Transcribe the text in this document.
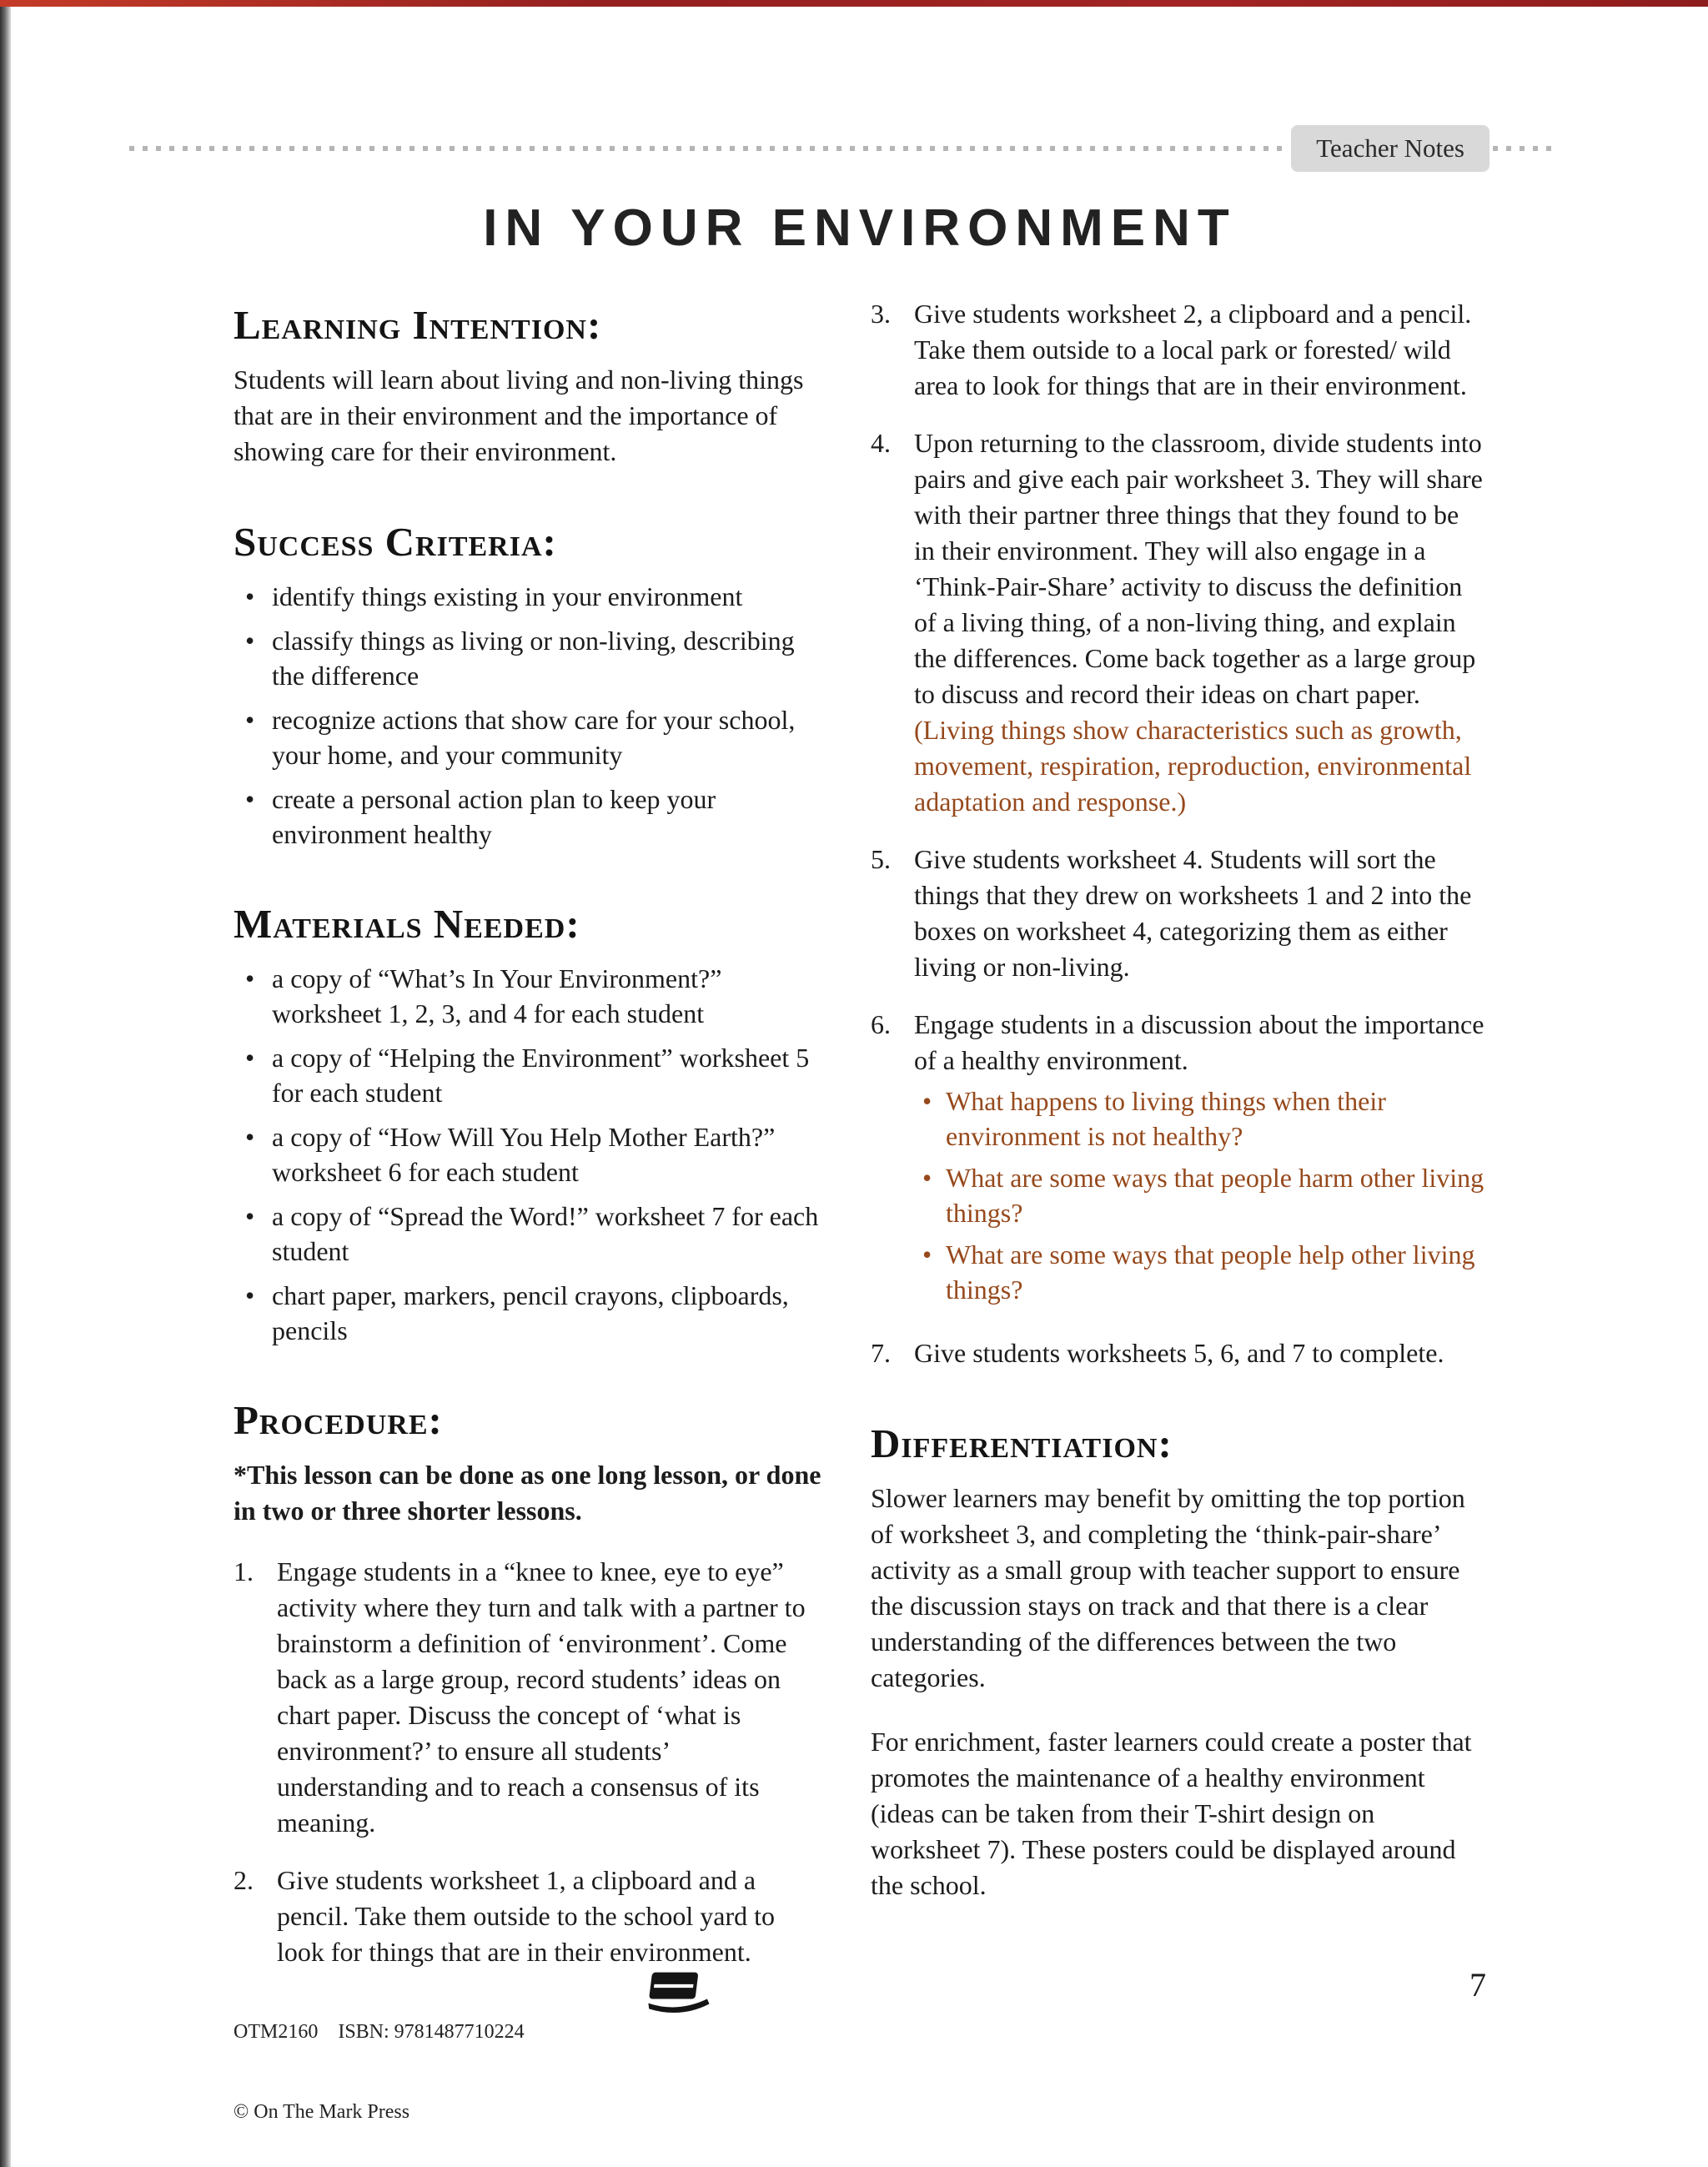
Teacher Notes
IN YOUR ENVIRONMENT
Learning Intention:

Students will learn about living and non-living things that are in their environment and the importance of showing care for their environment.

Success Criteria:
• identify things existing in your environment
• classify things as living or non-living, describing the difference
• recognize actions that show care for your school, your home, and your community
• create a personal action plan to keep your environment healthy
Materials Needed:
• a copy of “What’s In Your Environment?” worksheet 1, 2, 3, and 4 for each student
• a copy of “Helping the Environment” worksheet 5 for each student
• a copy of “How Will You Help Mother Earth?” worksheet 6 for each student
• a copy of “Spread the Word!” worksheet 7 for each student
• chart paper, markers, pencil crayons, clipboards, pencils
Procedure:

*This lesson can be done as one long lesson, or done in two or three shorter lessons.

1. Engage students in a “knee to knee, eye to eye” activity where they turn and talk with a partner to brainstorm a definition of ‘environment’. Come back as a large group, record students’ ideas on chart paper. Discuss the concept of ‘what is environment?’ to ensure all students’ understanding and to reach a consensus of its meaning.
2. Give students worksheet 1, a clipboard and a pencil. Take them outside to the school yard to look for things that are in their environment.
3. Give students worksheet 2, a clipboard and a pencil. Take them outside to a local park or forested/ wild area to look for things that are in their environment.
4. Upon returning to the classroom, divide students into pairs and give each pair worksheet 3. They will share with their partner three things that they found to be in their environment. They will also engage in a ‘Think-Pair-Share’ activity to discuss the definition of a living thing, of a non-living thing, and explain the differences. Come back together as a large group to discuss and record their ideas on chart paper. (Living things show characteristics such as growth, movement, respiration, reproduction, environmental adaptation and response.)
5. Give students worksheet 4. Students will sort the things that they drew on worksheets 1 and 2 into the boxes on worksheet 4, categorizing them as either living or non-living.
6. Engage students in a discussion about the importance of a healthy environment.
• What happens to living things when their environment is not healthy?
• What are some ways that people harm other living things?
• What are some ways that people help other living things?
7. Give students worksheets 5, 6, and 7 to complete.
Differentiation:

Slower learners may benefit by omitting the top portion of worksheet 3, and completing the ‘think-pair-share’ activity as a small group with teacher support to ensure the discussion stays on track and that there is a clear understanding of the differences between the two categories.

For enrichment, faster learners could create a poster that promotes the maintenance of a healthy environment (ideas can be taken from their T-shirt design on worksheet 7). These posters could be displayed around the school.

OTM2160    ISBN: 9781487710224

© On The Mark Press

7
